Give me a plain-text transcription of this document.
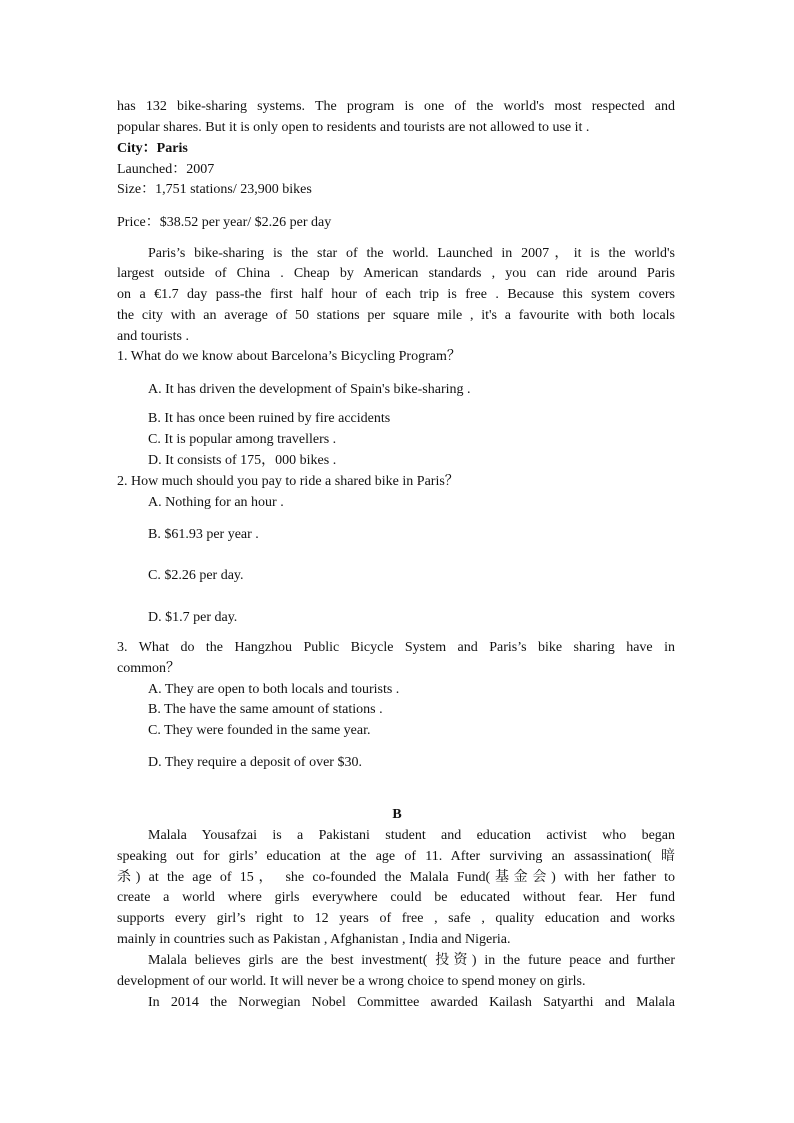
has 132 bike-sharing systems. The program is one of the world's most respected and
popular shares. But it is only open to residents and tourists are not allowed to use it .
City：Paris
Launched：2007
Size：1,751 stations/ 23,900 bikes
Price：$38.52 per year/ $2.26 per day
Paris’s bike-sharing is the star of the world. Launched in 2007，it is the world's
largest outside of China . Cheap by American standards , you can ride around Paris
on a €1.7 day pass-the first half hour of each trip is free . Because this system covers
the city with an average of 50 stations per square mile , it's a favourite with both locals
and tourists .
1. What do we know about Barcelona’s Bicycling Program？
A. It has driven the development of Spain's bike-sharing .
B. It has once been ruined by fire accidents
C. It is popular among travellers .
D. It consists of 175，000 bikes .
2. How much should you pay to ride a shared bike in Paris？
A. Nothing for an hour .
B. $61.93 per year .
C. $2.26 per day.
D. $1.7 per day.
3. What do the Hangzhou Public Bicycle System and Paris’s bike sharing have in
common？
A. They are open to both locals and tourists .
B. The have the same amount of stations .
C. They were founded in the same year.
D. They require a deposit of over $30.
B
Malala Yousafzai is a Pakistani student and education activist who began
speaking out for girls’ education at the age of 11. After surviving an assassination( 暗
杀) at the age of 15， she co-founded the Malala Fund(基金会) with her father to
create a world where girls everywhere could be educated without fear. Her fund
supports every girl’s right to 12 years of free , safe , quality education and works
mainly in countries such as Pakistan , Afghanistan , India and Nigeria.
Malala believes girls are the best investment( 投资) in the future peace and further
development of our world. It will never be a wrong choice to spend money on girls.
In 2014 the Norwegian Nobel Committee awarded Kailash Satyarthi and Malala
